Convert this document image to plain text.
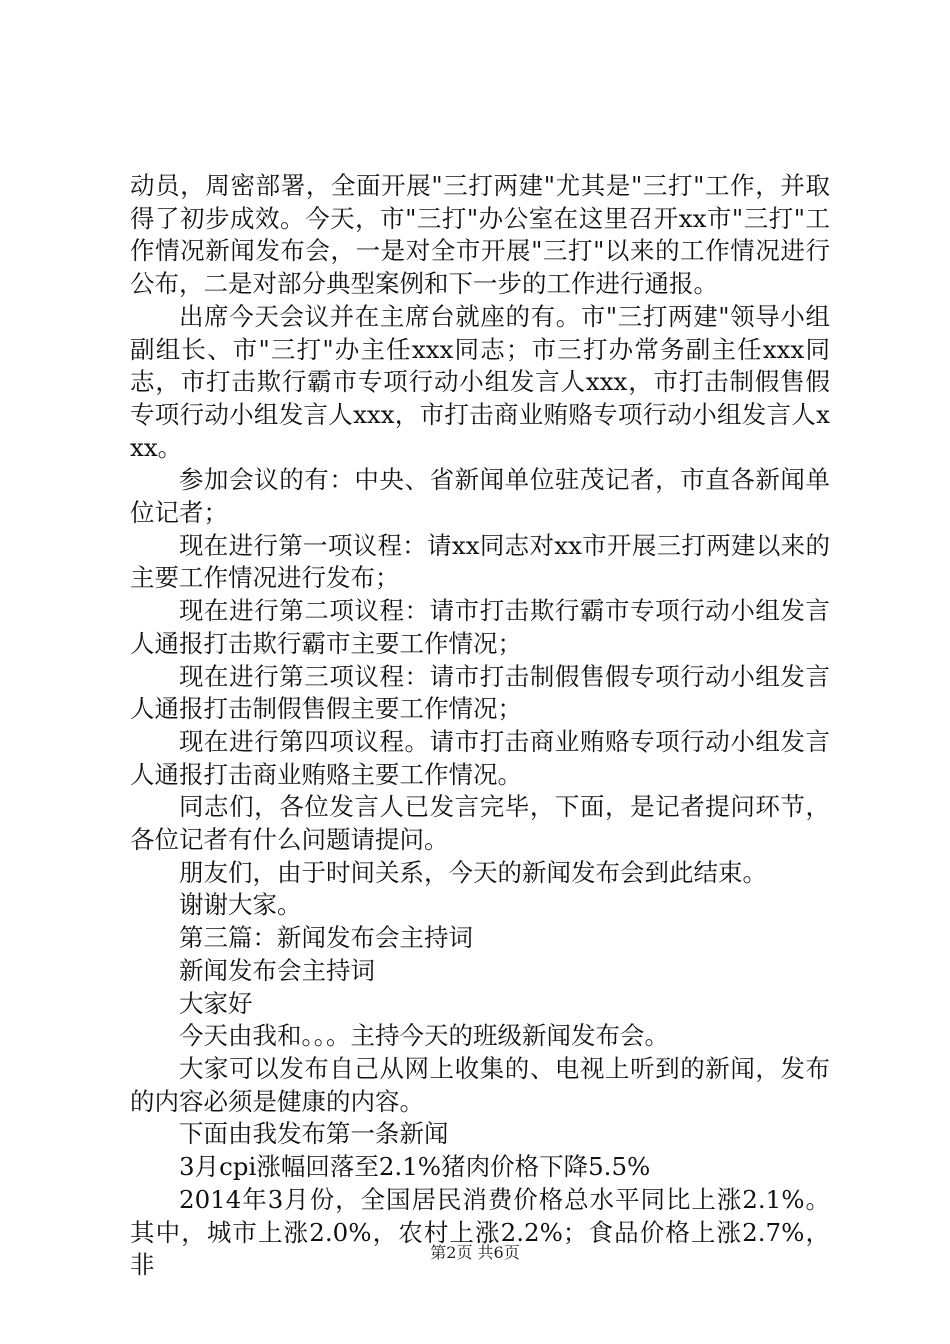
动员，周密部署，全面开展"三打两建"尤其是"三打"工作，并取得了初步成效。今天，市"三打"办公室在这里召开xx市"三打"工作情况新闻发布会，一是对全市开展"三打"以来的工作情况进行公布，二是对部分典型案例和下一步的工作进行通报。

出席今天会议并在主席台就座的有。市"三打两建"领导小组副组长、市"三打"办主任xxx同志；市三打办常务副主任xxx同志，市打击欺行霸市专项行动小组发言人xxx，市打击制假售假专项行动小组发言人xxx，市打击商业贿赂专项行动小组发言人xxx。

参加会议的有：中央、省新闻单位驻茂记者，市直各新闻单位记者；

现在进行第一项议程：请xx同志对xx市开展三打两建以来的主要工作情况进行发布；

现在进行第二项议程：请市打击欺行霸市专项行动小组发言人通报打击欺行霸市主要工作情况；

现在进行第三项议程：请市打击制假售假专项行动小组发言人通报打击制假售假主要工作情况；

现在进行第四项议程。请市打击商业贿赂专项行动小组发言人通报打击商业贿赂主要工作情况。

同志们，各位发言人已发言完毕，下面，是记者提问环节，各位记者有什么问题请提问。

朋友们，由于时间关系，今天的新闻发布会到此结束。

谢谢大家。

第三篇：新闻发布会主持词

新闻发布会主持词

大家好

今天由我和。。。主持今天的班级新闻发布会。

大家可以发布自己从网上收集的、电视上听到的新闻，发布的内容必须是健康的内容。

下面由我发布第一条新闻

3月cpi涨幅回落至2.1%猪肉价格下降5.5%

2014年3月份，全国居民消费价格总水平同比上涨2.1%。其中，城市上涨2.0%，农村上涨2.2%；食品价格上涨2.7%，非	第2页 共6页
